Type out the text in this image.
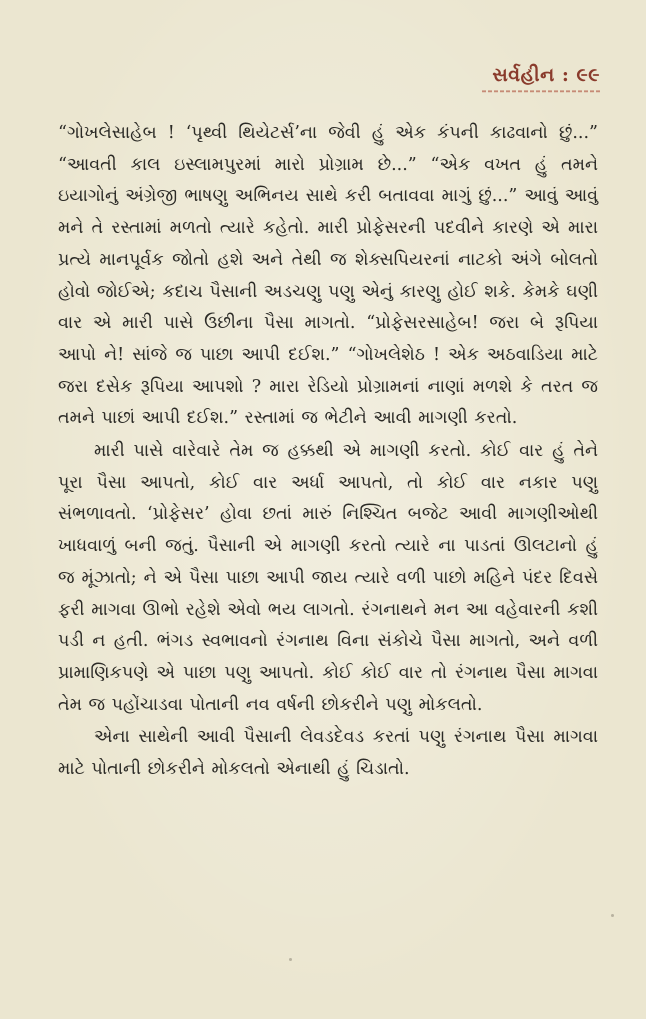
સર્વહીન : ૯૯

“ગોખલેસાહેબ ! ‘પૃથ્વી થિયેટર્સ’ના જેવી હું એક કંપની કાઢવાનો છું...” “આવતી કાલ ઇસ્લામપુરમાં મારો પ્રોગ્રામ છે...” “એક વખત હું તમને ઇયાગોનું અંગ્રેજી ભાષણુ અભિનય સાથે કરી બતાવવા માગું છું...” આવું આવું મને તે રસ્તામાં મળતો ત્યારે કહેતો. મારી પ્રોફેસરની પદવીને કારણે એ મારા પ્રત્યે માનપૂર્વક જોતો હશે અને તેથી જ શેક્સપિયરનાં નાટકો અંગે બોલતો હોવો જોઈએ; કદાચ પૈસાની અડચણુ પણુ એનું કારણુ હોઈ શકે. કેમકે ઘણી વાર એ મારી પાસે ઉછીના પૈસા માગતો. “પ્રોફેસરસાહેબ! જરા બે રૂપિયા આપો ને! સાંજે જ પાછા આપી દઈશ.” “ગોખલેશેઠ ! એક અઠવાડિયા માટે જરા દસેક રૂપિયા આપશો ? મારા રેડિયો પ્રોગ્રામનાં નાણાં મળશે કે તરત જ તમને પાછાં આપી દઈશ.” રસ્તામાં જ ભેટીને આવી માગણી કરતો.

મારી પાસે વારેવારે તેમ જ હક્કથી એ માગણી કરતો. કોઈ વાર હું તેને પૂરા પૈસા આપતો, કોઈ વાર અર્ધા આપતો, તો કોઈ વાર નકાર પણુ સંભળાવતો. ‘પ્રોફેસર’ હોવા છતાં મારું નિશ્ચિત બજેટ આવી માગણીઓથી ખાધવાળું બની જતું. પૈસાની એ માગણી કરતો ત્યારે ના પાડતાં ઊલટાનો હું જ મૂંઝાતો; ને એ પૈસા પાછા આપી જાય ત્યારે વળી પાછો મહિને પંદર દિવસે ફરી માગવા ઊભો રહેશે એવો ભય લાગતો. રંગનાથને મન આ વહેવારની કશી પડી ન હતી. ભંગડ સ્વભાવનો રંગનાથ વિના સંકોચે પૈસા માગતો, અને વળી પ્રામાણિકપણે એ પાછા પણુ આપતો. કોઈ કોઈ વાર તો રંગનાથ પૈસા માગવા તેમ જ પહોંચાડવા પોતાની નવ વર્ષની છોકરીને પણુ મોકલતો.

એના સાથેની આવી પૈસાની લેવડદેવડ કરતાં પણુ રંગનાથ પૈસા માગવા માટે પોતાની છોકરીને મોકલતો એનાથી હું ચિડાતો.
